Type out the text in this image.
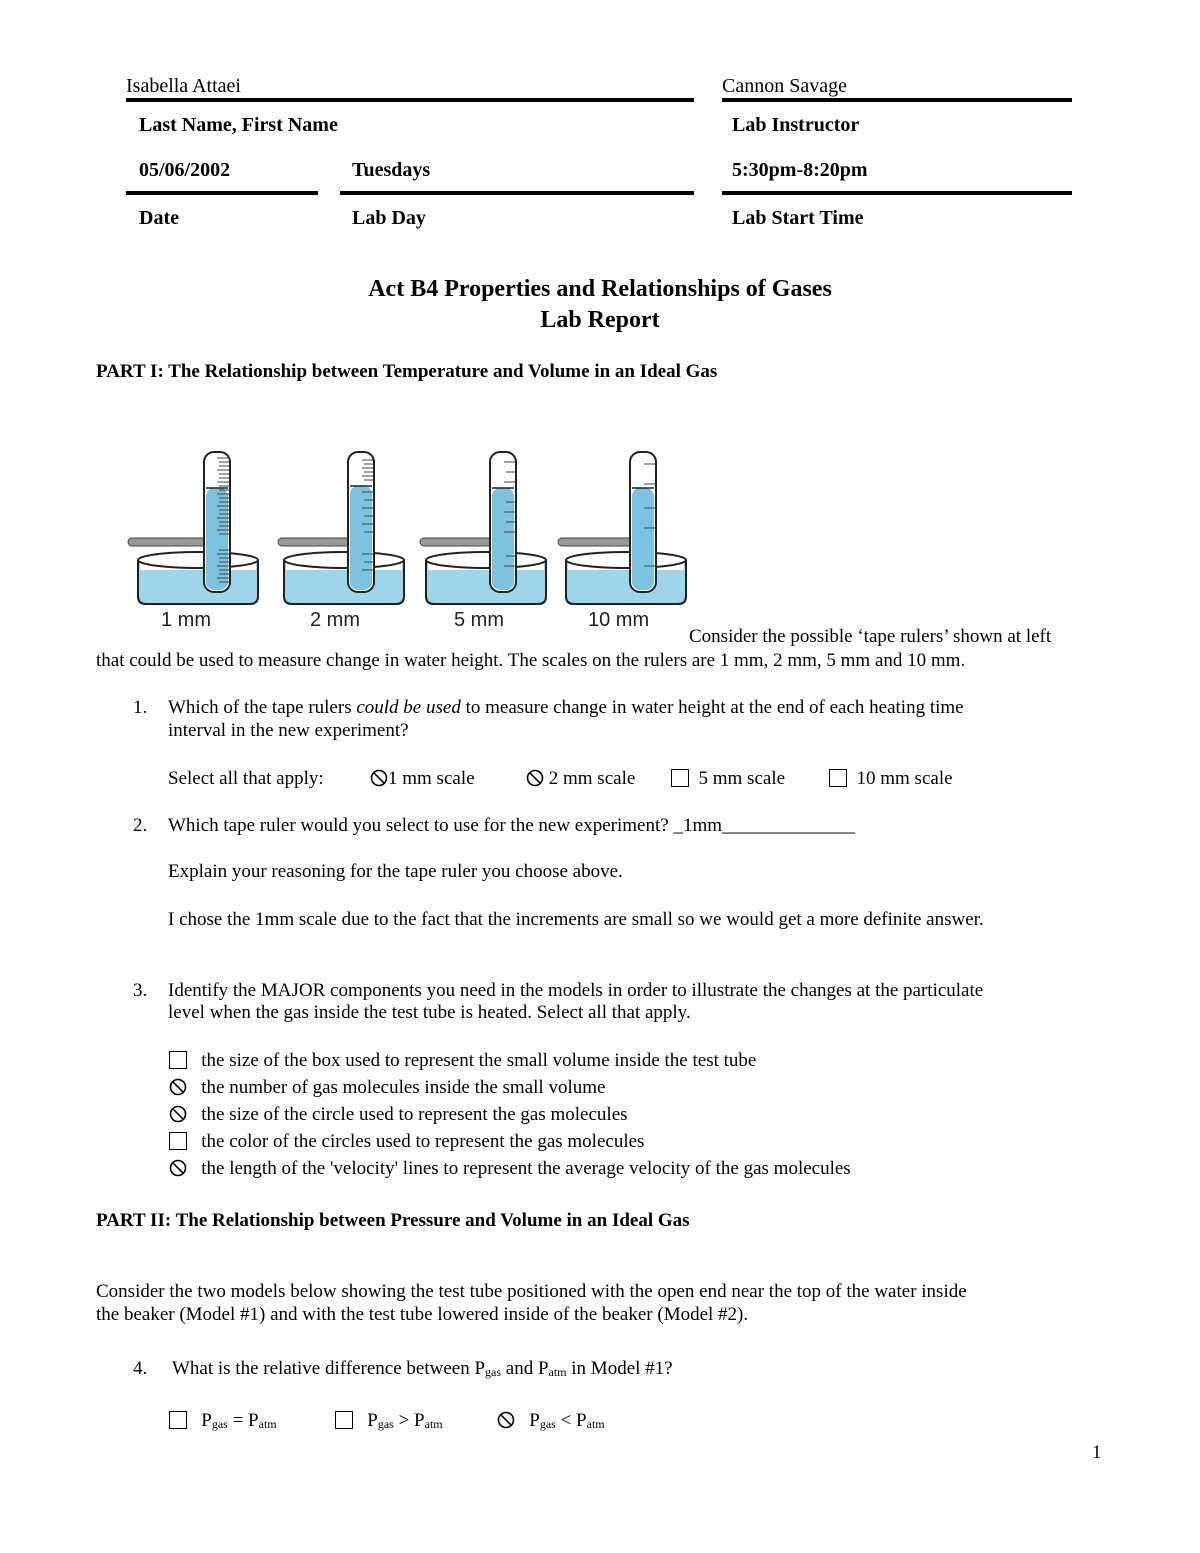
Isabella Attaei	Cannon Savage
Last Name, First Name	Lab Instructor
05/06/2002	Tuesdays	5:30pm-8:20pm
Date	Lab Day	Lab Start Time
Act B4 Properties and Relationships of Gases
Lab Report
PART I: The Relationship between Temperature and Volume in an Ideal Gas
1 mm	2 mm	5 mm	10 mm
Consider the possible ‘tape rulers’ shown at left
that could be used to measure change in water height. The scales on the rulers are 1 mm, 2 mm, 5 mm and 10 mm.
1. Which of the tape rulers could be used to measure change in water height at the end of each heating time
interval in the new experiment?
Select all that apply:	1 mm scale	2 mm scale	5 mm scale	10 mm scale
2. Which tape ruler would you select to use for the new experiment? _1mm______________
Explain your reasoning for the tape ruler you choose above.
I chose the 1mm scale due to the fact that the increments are small so we would get a more definite answer.
3. Identify the MAJOR components you need in the models in order to illustrate the changes at the particulate
level when the gas inside the test tube is heated. Select all that apply.
the size of the box used to represent the small volume inside the test tube
the number of gas molecules inside the small volume
the size of the circle used to represent the gas molecules
the color of the circles used to represent the gas molecules
the length of the 'velocity' lines to represent the average velocity of the gas molecules
PART II: The Relationship between Pressure and Volume in an Ideal Gas
Consider the two models below showing the test tube positioned with the open end near the top of the water inside
the beaker (Model #1) and with the test tube lowered inside of the beaker (Model #2).
4. What is the relative difference between $P_{gas}$ and $P_{atm}$ in Model #1?
$P_{gas} = P_{atm}$	$P_{gas} > P_{atm}$	$P_{gas} < P_{atm}$
1
